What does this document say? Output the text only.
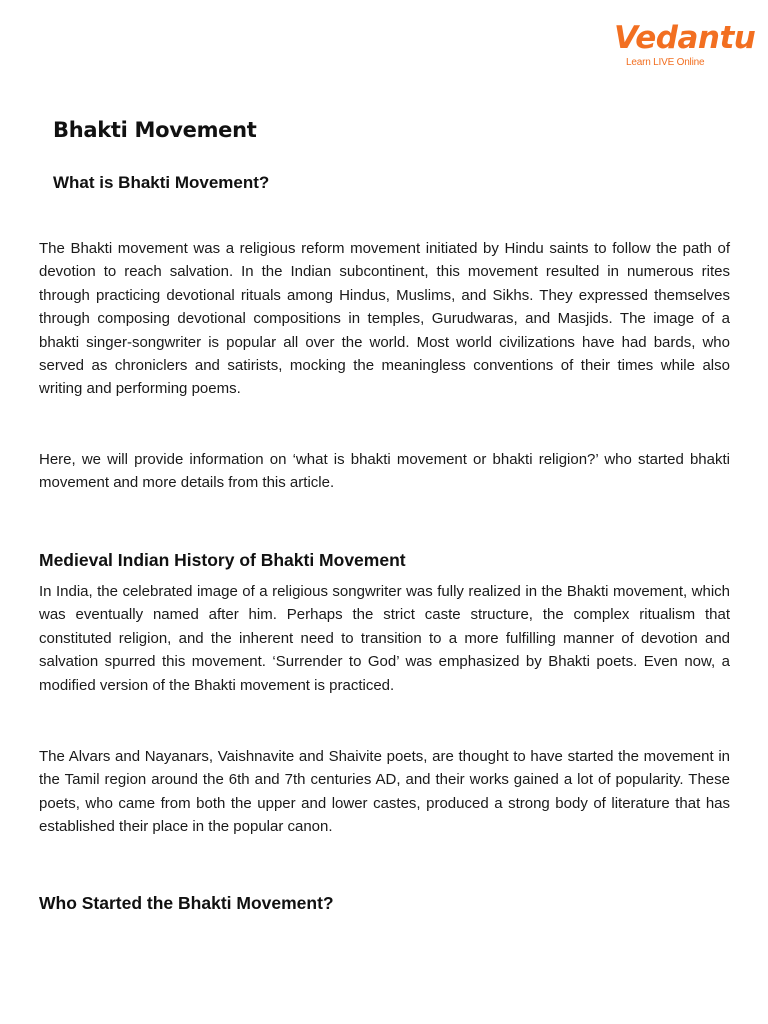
Vedantu
Learn LIVE Online
Bhakti Movement
What is Bhakti Movement?

The Bhakti movement was a religious reform movement initiated by Hindu saints to follow the path of devotion to reach salvation. In the Indian subcontinent, this movement resulted in numerous rites through practicing devotional rituals among Hindus, Muslims, and Sikhs. They expressed themselves through composing devotional compositions in temples, Gurudwaras, and Masjids. The image of a bhakti singer-songwriter is popular all over the world. Most world civilizations have had bards, who served as chroniclers and satirists, mocking the meaningless conventions of their times while also writing and performing poems.

Here, we will provide information on ‘what is bhakti movement or bhakti religion?’ who started bhakti movement and more details from this article.

Medieval Indian History of Bhakti Movement

In India, the celebrated image of a religious songwriter was fully realized in the Bhakti movement, which was eventually named after him. Perhaps the strict caste structure, the complex ritualism that constituted religion, and the inherent need to transition to a more fulfilling manner of devotion and salvation spurred this movement. ‘Surrender to God’ was emphasized by Bhakti poets. Even now, a modified version of the Bhakti movement is practiced.

The Alvars and Nayanars, Vaishnavite and Shaivite poets, are thought to have started the movement in the Tamil region around the 6th and 7th centuries AD, and their works gained a lot of popularity. These poets, who came from both the upper and lower castes, produced a strong body of literature that has established their place in the popular canon.

Who Started the Bhakti Movement?
